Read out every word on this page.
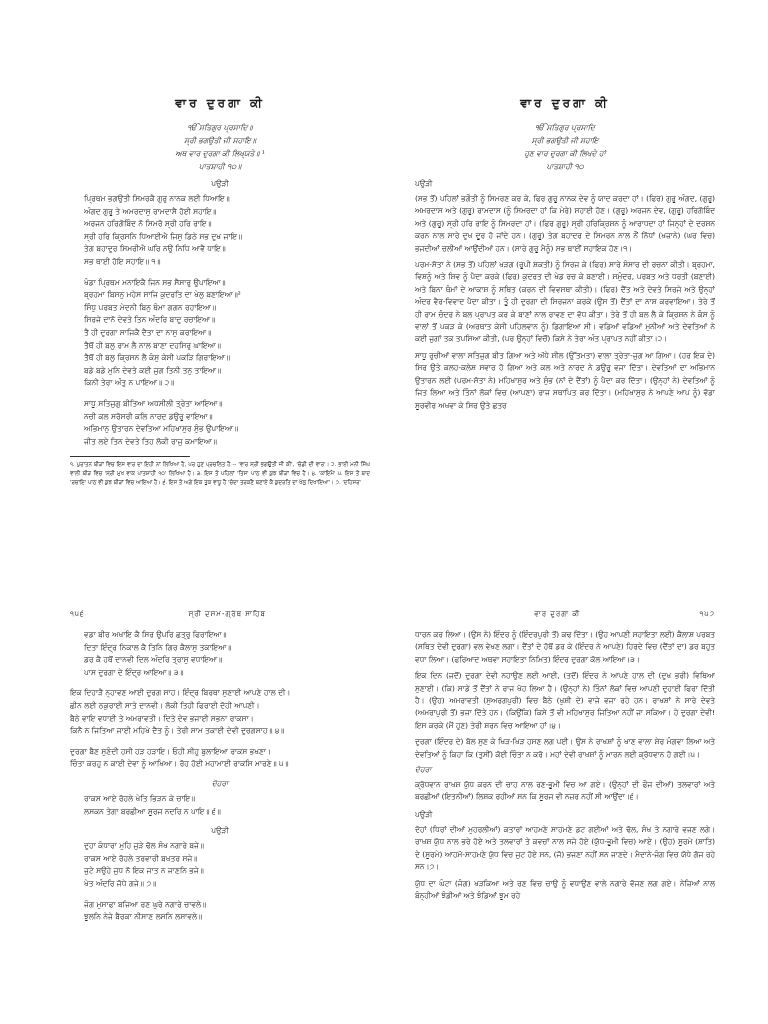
ਵਾਰ ਦੁਰਗਾ ਕੀ
ੴ ਸਤਿਗੁਰ ਪ੍ਰਸਾਦਿ॥
ਸ੍ਰੀ ਭਗਉਤੀ ਜੀ ਸਹਾਇ॥
ਅਥ ਵਾਰ ਦੁਰਗਾ ਕੀ ਲਿਖ੍ਯਤੇ॥ ¹
ਪਾਤਸ਼ਾਹੀ ੧੦॥
ਪਉੜੀ
ਪ੍ਰਿਥਮ ਭਗਉਤੀ ਸਿਮਰਕੈ ਗੁਰੁ ਨਾਨਕ ਲਈ ਧਿਆਇ॥
ਅੰਗਦ ਗੁਰੂ ਤੇ ਅਮਰਦਾਸੁ ਰਾਮਦਾਸੈ ਹੋਈ ਸਹਾਇ॥
ਅਰਜਨ ਹਰਿਗੋਬਿੰਦ ਨੋ ਸਿਮਰੋ ਸ੍ਰੀ ਹਰਿ ਰਾਇ॥
ਸ੍ਰੀ ਹਰਿ ਕ੍ਰਿਸਨਿ ਧਿਆਈਐ ਜਿਸੁ ਡਿਠੇ ਸਭ ਦੁਖ ਜਾਇ॥
ਤੇਗ ਬਹਾਦੁਰ ਸਿਮਰੀਐ ਘਰਿ ਨਉ ਨਿਧਿ ਆਵੈ ਧਾਇ॥
ਸਭ ਥਾਈ ਹੋਇ ਸਹਾਇ॥ ੧॥
ਖੰਡਾ ਪ੍ਰਿਥਮ ਮਨਾਇਕੈ ਜਿਨ ਸਭ ਸੈਸਾਰੁ ਉਪਾਇਆ॥
ਬ੍ਰਹਮਾ ਬਿਸਨੁ ਮਹੇਸ ਸਾਜਿ ਕੁਦਰਤਿ ਦਾ ਖੇਲੁ ਬਣਾਇਆ॥²
ਸਿੰਧੁ ਪਰਬਤ ਮੇਦਨੀ ਬਿਨੁ ਥੰਮਾ ਗਗਨ ਰਹਾਇਆ॥
ਸਿਰਜੇ ਦਾਨੋ ਦੇਵਤੇ ਤਿਨ ਅੰਦਰਿ ਬਾਦੁ ਰਚਾਇਆ॥
ਤੈ ਹੀ ਦੁਰਗਾ ਸਾਜਿਕੈ ਦੈਤਾ ਦਾ ਨਾਸੁ ਕਰਾਇਆ॥
ਤੈਥੋਂ ਹੀ ਬਲੁ ਰਾਮ ਲੈ ਨਾਲ ਬਾਣਾ ਦਹਸਿਰੁ ਘਾਇਆ॥
ਤੈਥੋਂ ਹੀ ਬਲੁ ਕ੍ਰਿਸਨ ਲੈ ਕੰਸੁ ਕੇਸੀ ਪਕੜਿ ਗਿਰਾਇਆ॥
ਬਡੇ ਬਡੇ ਮੁਨਿ ਦੇਵਤੇ ਕਈ ਜੁਗ ਤਿਨੀ ਤਨੁ ਤਾਇਆ॥
ਕਿਨੀ ਤੇਰਾ ਅੰਤੁ ਨ ਪਾਇਆ॥ ੨॥
ਸਾਧੂ ਸਤਿਜੁਗੁ ਬੀਤਿਆ ਅਧਸੀਲੀ ਤ੍ਰੇਤਾ ਆਇਆ॥
ਨਚੀ ਕਲ ਸਰੋਸਰੀ ਕਲਿ ਨਾਰਦ ਡਉਰੂ ਵਾਇਆ॥
ਅਭਿਮਾਨੁ ਉਤਾਰਨ ਦੇਵਤਿਆ ਮਹਿਖਾਸੁਰ ਸੁੰਭ ਉਪਾਇਆ॥
ਜੀਤ ਲਏ ਤਿਨ ਦੇਵਤੇ ਤਿਹ ਲੋਕੀ ਰਾਜੁ ਕਮਾਇਆ॥
੧. ਪੁਰਾਤਨ ਬੀੜਾਂ ਵਿਚ ਇਸ ਵਾਰ ਦਾ ਇਹੀ ਨਾਂ ਲਿਖਿਆ ਹੈ, ਪਰ ਹੁਣ ਪ੍ਰਚਲਿਤ ਹੈ -- 'ਵਾਰ ਸ੍ਰੀ ਭਗਉਤੀ ਜੀ ਕੀ', 'ਚੰਡੀ ਦੀ ਵਾਰ'। ੨. ਭਾਈ ਮਨੀ ਸਿੰਘ ਵਾਲੀ ਬੀੜ ਵਿਚ 'ਸ੍ਰੀ ਮੁਖ ਵਾਕ ਪਾਤਸ਼ਾਹੀ ੧੦' ਲਿਖਿਆ ਹੈ। ੩. ਇਸ ਤੋਂ ਪਹਿਲਾਂ 'ਤਿਸ' ਪਾਠ ਵੀ ਕੁਝ ਬੀੜਾਂ ਵਿਚ ਹੈ। ੪. 'ਕਾਇਮੈ' ੫. ਇਸ ਤੋਂ ਬਾਦ 'ਰਚਾਇ' ਪਾਠ ਵੀ ਕੁਝ ਬੀੜਾਂ ਵਿਚ ਆਇਆ ਹੈ। ੬. ਇਸ ਤੋਂ ਅਗੇ ਇਕ ਤੁਕ ਵਾਧੂ ਹੈ 'ਚੰਦਾ ਤਰਕਣੈ ਬਣਾਏ ਕੈ ਕੁਦਰਤਿ ਦਾ ਖੇਲੁ ਦਿਖਾਇਆ'। ੭. 'ਦਹਿਸਰ'
ਵਾਰ ਦੁਰਗਾ ਕੀ
ੴ ਸਤਿਗੁਰ ਪ੍ਰਸਾਦਿ
ਸ੍ਰੀ ਭਗਉਤੀ ਜੀ ਸਹਾਇ
ਹੁਣ ਵਾਰ ਦੁਰਗਾ ਕੀ ਲਿਖਦੇ ਹਾਂ
ਪਾਤਸ਼ਾਹੀ ੧੦
ਪਉੜੀ

(ਸਭ ਤੋਂ) ਪਹਿਲਾਂ ਭਗੌਤੀ ਨੂੰ ਸਿਮਰਣ ਕਰ ਕੇ, ਫਿਰ ਗੁਰੂ ਨਾਨਕ ਦੇਵ ਨੂੰ ਯਾਦ ਕਰਦਾ ਹਾਂ। (ਫਿਰ) ਗੁਰੂ ਅੰਗਦ, (ਗੁਰੂ) ਅਮਰਦਾਸ ਅਤੇ (ਗੁਰੂ) ਰਾਮਦਾਸ (ਨੂੰ ਸਿਮਰਦਾ ਹਾਂ ਕਿ ਮੇਰੇ) ਸਹਾਈ ਹੋਣ। (ਗੁਰੂ) ਅਰਜਨ ਦੇਵ, (ਗੁਰੂ) ਹਰਿਗੋਬਿੰਦ ਅਤੇ (ਗੁਰੂ) ਸ੍ਰੀ ਹਰਿ ਰਾਇ ਨੂੰ ਸਿਮਰਦਾ ਹਾਂ। (ਫਿਰ ਗੁਰੂ) ਸ੍ਰੀ ਹਰਿਕ੍ਰਿਸ਼ਨ ਨੂੰ ਆਰਾਧਦਾ ਹਾਂ ਜਿਨ੍ਹਾਂ ਦੇ ਦਰਸ਼ਨ ਕਰਨ ਨਾਲ ਸਾਰੇ ਦੁਖ ਦੂਰ ਹੋ ਜਾਂਦੇ ਹਨ। (ਗੁਰੂ) ਤੇਗ ਬਹਾਦਰ ਦੇ ਸਿਮਰਨ ਨਾਲ ਨੌਂ ਨਿੱਧਾਂ (ਖਜ਼ਾਨੇ) (ਘਰ ਵਿਚ) ਭਜਦੀਆਂ ਚਲੀਆਂ ਆਉਂਦੀਆਂ ਹਨ। (ਸਾਰੇ ਗੁਰੂ ਮੈਨੂੰ) ਸਭ ਥਾਈਂ ਸਹਾਇਕ ਹੋਣ।੧।

ਪਰਮ-ਸੱਤਾ ਨੇ (ਸਭ ਤੋਂ) ਪਹਿਲਾਂ ਖੜਗ (ਰੂਪੀ ਸ਼ਕਤੀ) ਨੂੰ ਸਿਰਜ ਕੇ (ਫਿਰ) ਸਾਰੇ ਸੰਸਾਰ ਦੀ ਰਚਨਾ ਕੀਤੀ। ਬ੍ਰਹਮਾ, ਵਿਸ਼ਨੂੰ ਅਤੇ ਸ਼ਿਵ ਨੂੰ ਪੈਦਾ ਕਰਕੇ (ਫਿਰ) ਕੁਦਰਤ ਦੀ ਖੇਡ ਰਚ ਕੇ ਬਣਾਈ। ਸਮੁੰਦਰ, ਪਰਬਤ ਅਤੇ ਧਰਤੀ (ਬਣਾਈ) ਅਤੇ ਬਿਨਾ ਥੰਮਾਂ ਦੇ ਆਕਾਸ਼ ਨੂੰ ਸਥਿਤ (ਕਰਨ ਦੀ ਵਿਵਸਥਾ ਕੀਤੀ)। (ਫਿਰ) ਦੈਂਤ ਅਤੇ ਦੇਵਤੇ ਸਿਰਜੇ ਅਤੇ ਉਨ੍ਹਾਂ ਅੰਦਰ ਵੈਰ-ਵਿਵਾਦ ਪੈਦਾ ਕੀਤਾ। ਤੂੰ ਹੀ ਦੁਰਗਾ ਦੀ ਸਿਰਜਨਾ ਕਰਕੇ (ਉਸ ਤੋਂ) ਦੈਂਤਾਂ ਦਾ ਨਾਸ਼ ਕਰਵਾਇਆ। ਤੇਰੇ ਤੋਂ ਹੀ ਰਾਮ ਚੰਦਰ ਨੇ ਬਲ ਪ੍ਰਾਪਤ ਕਰ ਕੇ ਬਾਣਾਂ ਨਾਲ ਰਾਵਣ ਦਾ ਵੱਧ ਕੀਤਾ। ਤੇਰੇ ਤੋਂ ਹੀ ਬਲ ਲੈ ਕੇ ਕ੍ਰਿਸ਼ਨ ਨੇ ਕੰਸ ਨੂੰ ਵਾਲਾਂ ਤੋਂ ਪਕੜ ਕੇ (ਅਰਥਾਤ ਕੇਸੀ ਪਹਿਲਵਾਨ ਨੂੰ) ਡਿਗਾਇਆ ਸੀ। ਵਡਿਆਂ ਵਡਿਆਂ ਮੁਨੀਆਂ ਅਤੇ ਦੇਵਤਿਆਂ ਨੇ ਕਈ ਜੁਗਾਂ ਤਕ ਤਪਸਿਆ ਕੀਤੀ, (ਪਰ ਉਨ੍ਹਾਂ ਵਿਚੋਂ) ਕਿਸੇ ਨੇ ਤੇਰਾ ਅੰਤ ਪ੍ਰਾਪਤ ਨਹੀਂ ਕੀਤਾ।੨।

ਸਾਧੂ ਰੁਚੀਆਂ ਵਾਲਾ ਸਤਿਜੁਗ ਬੀਤ ਗਿਆ ਅਤੇ ਅੱਧੇ ਸ਼ੀਲ (ਉੱਤਮਤਾ) ਵਾਲਾ ਤ੍ਰੇਤਾ-ਜੁਗ ਆ ਗਿਆ। (ਹਰ ਇਕ ਦੇ) ਸਿਰ ਉਤੇ ਕਲਹ-ਕਲੇਸ਼ ਸਵਾਰ ਹੋ ਗਿਆ ਅਤੇ ਕਲ ਅਤੇ ਨਾਰਦ ਨੇ ਡਉਰੂ ਵਜਾ ਦਿੱਤਾ। ਦੇਵਤਿਆਂ ਦਾ ਅਭਿਮਾਨ ਉਤਾਰਨ ਲਈ (ਪਰਮ-ਸੱਤਾ ਨੇ) ਮਹਿਖਾਸੁਰ ਅਤੇ ਸੁੰਭ (ਨਾਂ ਦੇ ਦੈਂਤਾਂ) ਨੂੰ ਪੈਦਾ ਕਰ ਦਿੱਤਾ। (ਉਨ੍ਹਾਂ ਨੇ) ਦੇਵਤਿਆਂ ਨੂੰ ਜਿਤ ਲਿਆ ਅਤੇ ਤਿੰਨਾਂ ਲੋਕਾਂ ਵਿਚ (ਆਪਣਾ) ਰਾਜ ਸਥਾਪਿਤ ਕਰ ਦਿੱਤਾ। (ਮਹਿਖਾਸੁਰ ਨੇ ਆਪਣੇ ਆਪ ਨੂੰ) ਵੱਡਾ ਸੂਰਵੀਰ ਅਖਵਾ ਕੇ ਸਿਰ ਉਤੇ ਛਤਰ

੧੫੬	ਸ੍ਰੀ ਦਸਮ-ਗ੍ਰੰਥ ਸਾਹਿਬ
ਵਡਾ ਬੀਰ ਅਖਾਇ ਕੈ ਸਿਰ ਉਪਰਿ ਛਤ੍ਰੁ ਫਿਰਾਇਆ॥
ਦਿਤਾ ਇੰਦ੍ਰ ਨਿਕਾਲ ਕੈ ਤਿਨਿ ਗਿਰ ਕੈਲਾਸੁ ਤਕਾਇਆ॥
ਡਰ ਕੈ ਹਥੋਂ ਦਾਨਵੀ ਦਿਲ ਅੰਦਰਿ ਤ੍ਰਾਸੁ ਵਧਾਇਆ॥
ਪਾਸ ਦੁਰਗਾ ਦੇ ਇੰਦ੍ਰ ਆਇਆ॥ ੩॥
ਇਕ ਦਿਹਾੜੈ ਨ੍ਹਾਵਣ ਆਈ ਦੁਰਗ ਸਾਹ। ਇੰਦ੍ਰ ਬਿਰਥਾ ਸੁਣਾਈ ਆਪਣੇ ਹਾਲ ਦੀ।
ਛੀਨ ਲਈ ਠਕੁਰਾਈ ਸਾਤੇ ਦਾਨਵੀ। ਲੋਕੀ ਤਿਹੀ ਫਿਰਾਈ ਦੋਹੀ ਆਪਣੀ।
ਬੈਠੇ ਵਾਇ ਵਧਾਈ ਤੇ ਅਮਰਾਵਤੀ। ਦਿਤੇ ਦੇਵ ਭਜਾਈ ਸਭਨਾ ਰਾਕਸਾ।
ਕਿਨੈ ਨ ਜਿਤਿਆ ਜਾਈ ਮਹਿਖੇ ਦੈਤ ਨੂੰ। ਤੇਰੀ ਸਾਮ ਤਕਾਈ ਦੇਵੀ ਦੁਰਗਸਾਹ॥ ੪॥
ਦੁਰਗਾ ਬੈਣ ਸੁਣੰਦੀ ਹਸੀ ਹੜ ਹੜਾਇ। ਓਹੀ ਸੀਹੁ ਬੁਲਾਇਆ ਰਾਕਸ ਭਖਣਾ।
ਚਿੰਤਾ ਕਰਹੁ ਨ ਕਾਈ ਦੇਵਾ ਨੂੰ ਆਖਿਆ। ਰੋਹ ਹੋਈ ਮਹਾਮਾਈ ਰਾਕਸਿ ਮਾਰਣੇ॥ ੫॥
ਦੋਹਰਾ
ਰਾਕਸ ਆਏ ਰੋਹਲੇ ਖੇਤਿ ਭਿੜਨ ਕੇ ਚਾਇ॥
ਲਸਕਨ ਤੇਗਾ ਬਰਛੀਆ ਸੂਰਜ ਨਦਰਿ ਨ ਪਾਇ॥ ੬॥
ਪਉੜੀ
ਦੁਹਾ ਕੰਧਾਰਾ ਮੁਹਿ ਜੁੜੇ ਢੋਲ ਸੰਖ ਨਗਾਰੇ ਬਜੇ॥
ਰਾਕਸ ਆਏ ਰੋਹਲੇ ਤਰਵਾਰੀ ਬਖਤਰ ਸਜੇ॥
ਜੁਟੇ ਸਉਹੇ ਜੁਧ ਨੋ ਇਕ ਜਾਤ ਨ ਜਾਣਨਿ ਭਜੇ॥
ਖੇਤ ਅੰਦਰਿ ਜੋਧੇ ਗਜੇ॥ ੭॥
ਜੰਗ ਮੁਸਾਫਾ ਬਜਿਆ ਰਣ ਘੁਰੇ ਨਗਾਰੇ ਚਾਵਲੇ॥
ਝੂਲਨਿ ਨੇਜੇ ਬੈਰਕਾ ਨੀਸਾਣ ਲਸਨਿ ਲਸਾਵਲੇ॥
ਵਾਰ ਦੁਰਗਾ ਕੀ	੧੫੭

ਧਾਰਨ ਕਰ ਲਿਆ। (ਉਸ ਨੇ) ਇੰਦਰ ਨੂੰ (ਇੰਦਰਪੁਰੀ ਤੋਂ) ਕਢ ਦਿੱਤਾ। (ਉਹ ਆਪਣੀ ਸਹਾਇਤਾ ਲਈ) ਕੈਲਾਸ਼ ਪਰਬਤ (ਸਥਿਤ ਦੇਵੀ ਦੁਰਗਾ) ਵਲ ਵੇਖਣ ਲਗਾ। ਦੈਂਤਾਂ ਦੇ ਹੱਥੋਂ ਡਰ ਕੇ (ਇੰਦਰ ਨੇ ਆਪਣੇ) ਹਿਰਦੇ ਵਿਚ (ਦੈਂਤਾਂ ਦਾ) ਡਰ ਬਹੁਤ ਵਧਾ ਲਿਆ। (ਫਰਿਆਦ ਅਥਵਾ ਸਹਾਇਤਾ ਨਿਮਿਤ) ਇੰਦਰ ਦੁਰਗਾ ਕੋਲ ਆਇਆ।੩।

ਇਕ ਦਿਨ (ਜਦੋਂ) ਦੁਰਗਾ ਦੇਵੀ ਨਹਾਉਣ ਲਈ ਆਈ, (ਤਦੋਂ) ਇੰਦਰ ਨੇ ਆਪਣੇ ਹਾਲ ਦੀ (ਦੁਖ ਭਰੀ) ਵਿਥਿਆ ਸੁਣਾਈ। (ਕਿ) ਸਾਡੇ ਤੋਂ ਦੈਂਤਾਂ ਨੇ ਰਾਜ ਖੋਹ ਲਿਆ ਹੈ। (ਉਨ੍ਹਾਂ ਨੇ) ਤਿੰਨਾਂ ਲੋਕਾਂ ਵਿਚ ਆਪਣੀ ਦੁਹਾਈ ਫਿਰਾ ਦਿੱਤੀ ਹੈ। (ਉਹ) ਅਮਰਾਵਤੀ (ਸੁਅਰਗਪੁਰੀ) ਵਿਚ ਬੈਠੇ (ਖੁਸ਼ੀ ਦੇ) ਵਾਜੇ ਵਜਾ ਰਹੇ ਹਨ। ਰਾਖਸ਼ਾਂ ਨੇ ਸਾਰੇ ਦੇਵਤੇ (ਅਮਰਾਪੁਰੀ ਤੋਂ) ਭਜਾ ਦਿੱਤੇ ਹਨ। (ਕਿਉਂਕਿ) ਕਿਸੇ ਤੋਂ ਵੀ ਮਹਿਖਾਸੁਰ ਜਿਤਿਆ ਨਹੀਂ ਜਾ ਸਕਿਆ। ਹੇ ਦੁਰਗਾ ਦੇਵੀ! ਇਸ ਕਰਕੇ (ਮੈਂ ਹੁਣ) ਤੇਰੀ ਸ਼ਰਨ ਵਿਚ ਆਇਆ ਹਾਂ।੪।

ਦੁਰਗਾ (ਇੰਦਰ ਦੇ) ਬੋਲ ਸੁਣ ਕੇ ਖਿੜ-ਖਿੜ ਹਸਣ ਲਗ ਪਈ। ਉਸ ਨੇ ਰਾਖਸ਼ਾਂ ਨੂੰ ਖਾਣ ਵਾਲਾ ਸ਼ੇਰ ਮੰਗਵਾ ਲਿਆ ਅਤੇ ਦੇਵਤਿਆਂ ਨੂੰ ਕਿਹਾ ਕਿ (ਤੁਸੀਂ) ਕੋਈ ਚਿੰਤਾ ਨ ਕਰੋ। ਮਹਾਂ ਦੇਵੀ ਰਾਖਸ਼ਾਂ ਨੂੰ ਮਾਰਨ ਲਈ ਕ੍ਰੋਧਵਾਨ ਹੋ ਗਈ।੫।

ਦੋਹਰਾ

ਕ੍ਰੋਧਵਾਨ ਰਾਖਸ਼ ਯੁੱਧ ਕਰਨ ਦੀ ਚਾਹ ਨਾਲ ਰਣ-ਭੂਮੀ ਵਿਚ ਆ ਗਏ। (ਉਨ੍ਹਾਂ ਦੀ ਫੌਜ ਦੀਆਂ) ਤਲਵਾਰਾਂ ਅਤੇ ਬਰਛੀਆਂ (ਇਤਨੀਆਂ) ਲਿਸ਼ਕ ਰਹੀਆਂ ਸਨ ਕਿ ਸੂਰਜ ਵੀ ਨਜ਼ਰ ਨਹੀਂ ਸੀ ਆਉਂਦਾ।੬।

ਪਉੜੀ

ਦੋਹਾਂ (ਧਿਰਾਂ ਦੀਆਂ ਮੁਹਰਲੀਆਂ) ਕਤਾਰਾਂ ਆਹਮਣੇ ਸਾਹਮਣੇ ਡਟ ਗਈਆਂ ਅਤੇ ਢੋਲ, ਸੰਖ ਤੇ ਨਗਾਰੇ ਵਜਣ ਲਗੇ। ਰਾਖਸ਼ ਯੁੱਧ ਨਾਲ ਭਰੇ ਹੋਏ ਅਤੇ ਤਲਵਾਰਾਂ ਤੇ ਕਵਚਾਂ ਨਾਲ ਸਜੇ ਹੋਏ (ਯੁੱਧ-ਭੂਮੀ ਵਿਚ) ਆਏ। (ਉਹ) ਸੂਰਮੇ (ਸ਼ਾਤਿ) ਦੇ (ਸੂਰਮੇ) ਆਹਮੋ-ਸਾਹਮਣੇ ਯੁੱਧ ਵਿਚ ਜੁਟ ਹੋਏ ਸਨ, (ਜੋ) ਭਜਣਾ ਨਹੀਂ ਸਨ ਜਾਣਦੇ। ਮੈਦਾਨੇ-ਜੰਗ ਵਿਚ ਯੋਧੇ ਗੱਜ ਰਹੇ ਸਨ।੭।

ਯੁੱਧ ਦਾ ਘੰਟਾ (ਜੰਗ) ਖੜਕਿਆ ਅਤੇ ਰਣ ਵਿਚ ਚਾਉ ਨੂੰ ਵਧਾਉਣ ਵਾਲੇ ਨਗਾਰੇ ਵੱਜਣ ਲਗ ਗਏ। ਨੇਜ਼ਿਆਂ ਨਾਲ ਬੰਨ੍ਹੀਆਂ ਝੰਡੀਆਂ ਅਤੇ ਝੰਡਿਆਂ ਝੂਮ ਰਹੇ
